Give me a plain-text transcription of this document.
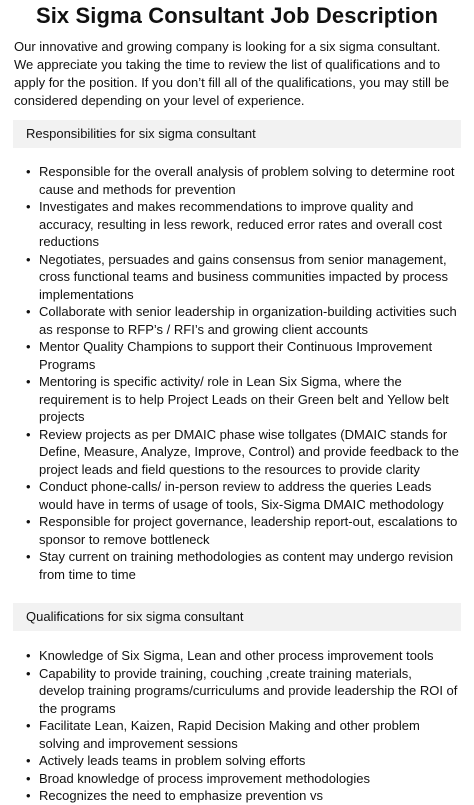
Six Sigma Consultant Job Description

Our innovative and growing company is looking for a six sigma consultant. We appreciate you taking the time to review the list of qualifications and to apply for the position. If you don’t fill all of the qualifications, you may still be considered depending on your level of experience.

Responsibilities for six sigma consultant
• Responsible for the overall analysis of problem solving to determine root cause and methods for prevention
• Investigates and makes recommendations to improve quality and accuracy, resulting in less rework, reduced error rates and overall cost reductions
• Negotiates, persuades and gains consensus from senior management, cross functional teams and business communities impacted by process implementations
• Collaborate with senior leadership in organization-building activities such as response to RFP’s / RFI’s and growing client accounts
• Mentor Quality Champions to support their Continuous Improvement Programs
• Mentoring is specific activity/ role in Lean Six Sigma, where the requirement is to help Project Leads on their Green belt and Yellow belt projects
• Review projects as per DMAIC phase wise tollgates (DMAIC stands for Define, Measure, Analyze, Improve, Control) and provide feedback to the project leads and field questions to the resources to provide clarity
• Conduct phone-calls/ in-person review to address the queries Leads would have in terms of usage of tools, Six-Sigma DMAIC methodology
• Responsible for project governance, leadership report-out, escalations to sponsor to remove bottleneck
• Stay current on training methodologies as content may undergo revision from time to time
Qualifications for six sigma consultant
• Knowledge of Six Sigma, Lean and other process improvement tools
• Capability to provide training, couching ,create training materials, develop training programs/curriculums and provide leadership the ROI of the programs
• Facilitate Lean, Kaizen, Rapid Decision Making and other problem solving and improvement sessions
• Actively leads teams in problem solving efforts
• Broad knowledge of process improvement methodologies
• Recognizes the need to emphasize prevention vs
